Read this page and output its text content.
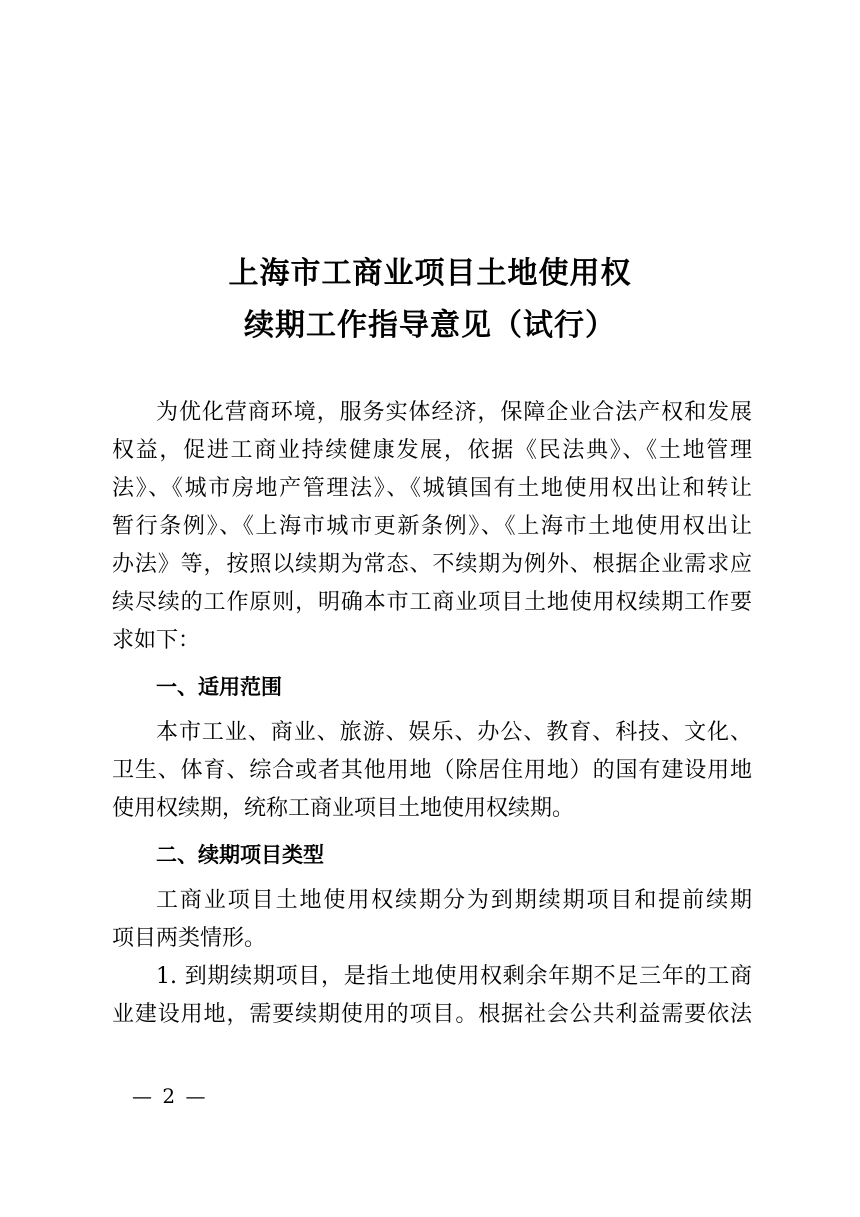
上海市工商业项目土地使用权
续期工作指导意见（试行）
为优化营商环境，服务实体经济，保障企业合法产权和发展
权益，促进工商业持续健康发展，依据《民法典》、《土地管理
法》、《城市房地产管理法》、《城镇国有土地使用权出让和转让
暂行条例》、《上海市城市更新条例》、《上海市土地使用权出让
办法》等，按照以续期为常态、不续期为例外、根据企业需求应
续尽续的工作原则，明确本市工商业项目土地使用权续期工作要
求如下：
一、适用范围
本市工业、商业、旅游、娱乐、办公、教育、科技、文化、
卫生、体育、综合或者其他用地（除居住用地）的国有建设用地
使用权续期，统称工商业项目土地使用权续期。
二、续期项目类型
工商业项目土地使用权续期分为到期续期项目和提前续期
项目两类情形。
1. 到期续期项目，是指土地使用权剩余年期不足三年的工商
业建设用地，需要续期使用的项目。根据社会公共利益需要依法
— 2 —
